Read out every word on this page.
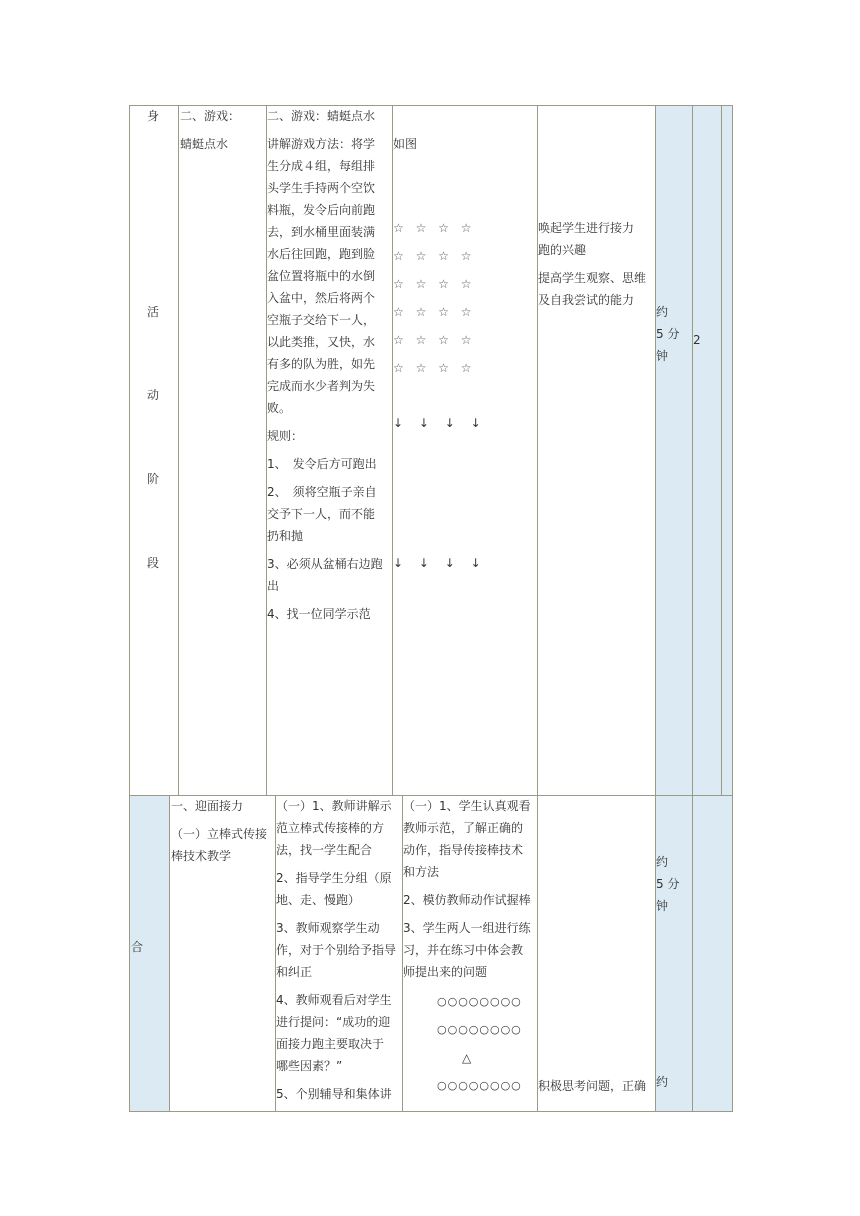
身
活
动
阶
段
二、游戏：
蜻蜓点水

二、游戏：蜻蜓点水

讲解游戏方法：将学

生分成４组，每组排

头学生手持两个空饮

料瓶，发令后向前跑

去，到水桶里面装满

水后往回跑，跑到脸

盆位置将瓶中的水倒

入盆中，然后将两个

空瓶子交给下一人，

以此类推，又快，水

有多的队为胜，如先

完成而水少者判为失

败。

规则：

1、　发令后方可跑出

2、　须将空瓶子亲自

交予下一人，而不能

扔和抛

3、必须从盆桶右边跑

出

4、找一位同学示范

如图

☆ ☆ ☆ ☆

☆ ☆ ☆ ☆

☆ ☆ ☆ ☆

☆ ☆ ☆ ☆

☆ ☆ ☆ ☆

☆ ☆ ☆ ☆

↓ ↓ ↓ ↓
↓ ↓ ↓ ↓

唤起学生进行接力

跑的兴趣

提高学生观察、思维

及自我尝试的能力

约

5 分

钟

2
合

一、迎面接力

（一）立棒式传接

棒技术教学

（一）1、教师讲解示

范立棒式传接棒的方

法，找一学生配合

2、指导学生分组（原

地、走、慢跑）

3、教师观察学生动

作，对于个别给予指导

和纠正

4、教师观看后对学生

进行提问：“成功的迎

面接力跑主要取决于

哪些因素？”

5、个别辅导和集体讲

（一）1、学生认真观看

教师示范，了解正确的

动作，指导传接棒技术

和方法

2、模仿教师动作试握棒

3、学生两人一组进行练

习，并在练习中体会教

师提出来的问题

○○○○○○○○
○○○○○○○○
△
○○○○○○○○ 积极思考问题，正确

约

5 分

钟

约
